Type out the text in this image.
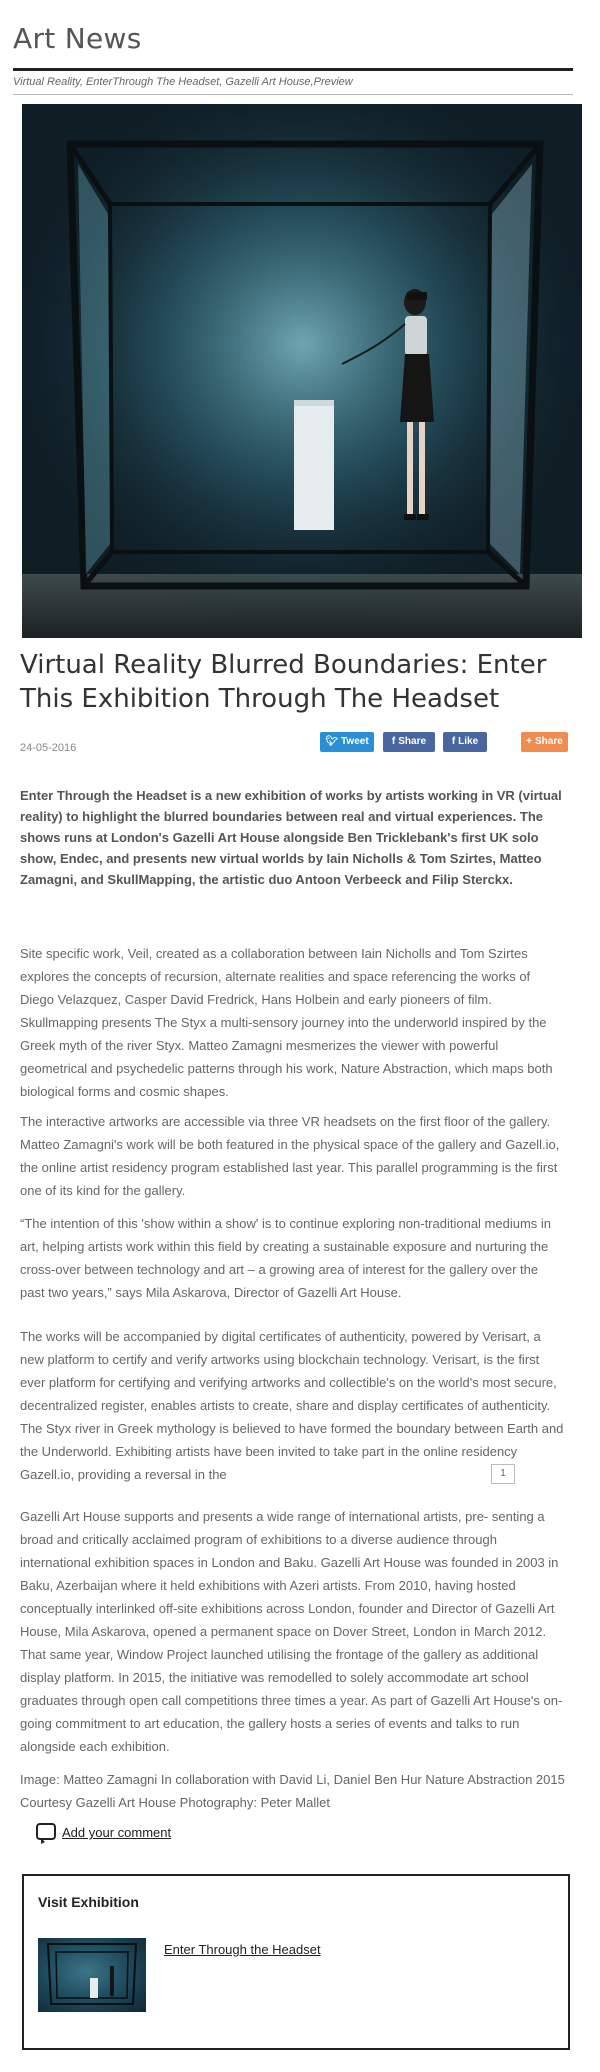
Art News
Virtual Reality, EnterThrough The Headset, Gazelli Art House,Preview
Virtual Reality Blurred Boundaries: Enter This Exhibition Through The Headset
24-05-2016
🐦︎ Tweet	f Share	f Like
1
+ Share

Enter Through the Headset is a new exhibition of works by artists working in VR (virtual reality) to highlight the blurred boundaries between real and virtual experiences. The shows runs at London's Gazelli Art House alongside Ben Tricklebank's first UK solo show, Endec, and presents new virtual worlds by Iain Nicholls & Tom Szirtes, Matteo Zamagni, and SkullMapping, the artistic duo Antoon Verbeeck and Filip Sterckx.

Site specific work, Veil, created as a collaboration between Iain Nicholls and Tom Szirtes explores the concepts of recursion, alternate realities and space referencing the works of Diego Velazquez, Casper David Fredrick, Hans Holbein and early pioneers of film. Skullmapping presents The Styx a multi-sensory journey into the underworld inspired by the Greek myth of the river Styx. Matteo Zamagni mesmerizes the viewer with powerful geometrical and psychedelic patterns through his work, Nature Abstraction, which maps both biological forms and cosmic shapes.

The interactive artworks are accessible via three VR headsets on the first floor of the gallery. Matteo Zamagni's work will be both featured in the physical space of the gallery and Gazell.io, the online artist residency program established last year. This parallel programming is the first one of its kind for the gallery.

“The intention of this 'show within a show' is to continue exploring non-traditional mediums in art, helping artists work within this field by creating a sustainable exposure and nurturing the cross-over between technology and art – a growing area of interest for the gallery over the past two years,” says Mila Askarova, Director of Gazelli Art House.

The works will be accompanied by digital certificates of authenticity, powered by Verisart, a new platform to certify and verify artworks using blockchain technology. Verisart, is the first ever platform for certifying and verifying artworks and collectible's on the world's most secure, decentralized register, enables artists to create, share and display certificates of authenticity. The Styx river in Greek mythology is believed to have formed the boundary between Earth and the Underworld. Exhibiting artists have been invited to take part in the online residency Gazell.io, providing a reversal in the

Gazelli Art House supports and presents a wide range of international artists, pre- senting a broad and critically acclaimed program of exhibitions to a diverse audience through international exhibition spaces in London and Baku. Gazelli Art House was founded in 2003 in Baku, Azerbaijan where it held exhibitions with Azeri artists. From 2010, having hosted conceptually interlinked off-site exhibitions across London, founder and Director of Gazelli Art House, Mila Askarova, opened a permanent space on Dover Street, London in March 2012. That same year, Window Project launched utilising the frontage of the gallery as additional display platform. In 2015, the initiative was remodelled to solely accommodate art school graduates through open call competitions three times a year. As part of Gazelli Art House's on-going commitment to art education, the gallery hosts a series of events and talks to run alongside each exhibition.

Image: Matteo Zamagni In collaboration with David Li, Daniel Ben Hur Nature Abstraction 2015 Courtesy Gazelli Art House Photography: Peter Mallet

Add your comment
Visit Exhibition
Enter Through the Headset
